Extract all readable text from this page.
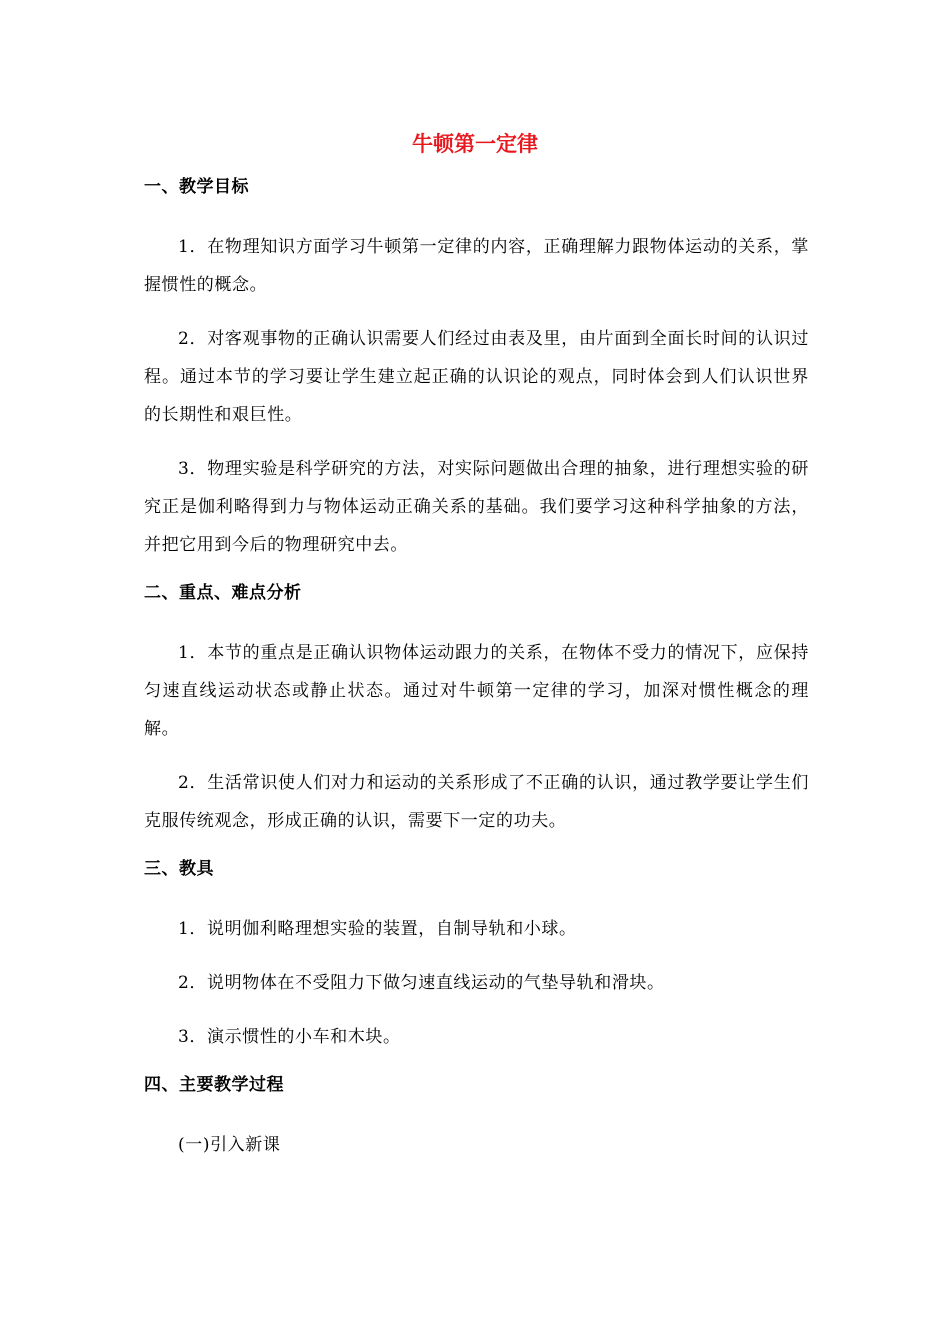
牛顿第一定律
一、教学目标

1．在物理知识方面学习牛顿第一定律的内容，正确理解力跟物体运动的关系，掌握惯性的概念。

2．对客观事物的正确认识需要人们经过由表及里，由片面到全面长时间的认识过程。通过本节的学习要让学生建立起正确的认识论的观点，同时体会到人们认识世界的长期性和艰巨性。

3．物理实验是科学研究的方法，对实际问题做出合理的抽象，进行理想实验的研究正是伽利略得到力与物体运动正确关系的基础。我们要学习这种科学抽象的方法，并把它用到今后的物理研究中去。

二、重点、难点分析

1．本节的重点是正确认识物体运动跟力的关系，在物体不受力的情况下，应保持匀速直线运动状态或静止状态。通过对牛顿第一定律的学习，加深对惯性概念的理解。

2．生活常识使人们对力和运动的关系形成了不正确的认识，通过教学要让学生们克服传统观念，形成正确的认识，需要下一定的功夫。

三、教具

1．说明伽利略理想实验的装置，自制导轨和小球。

2．说明物体在不受阻力下做匀速直线运动的气垫导轨和滑块。

3．演示惯性的小车和木块。

四、主要教学过程

(一)引入新课
